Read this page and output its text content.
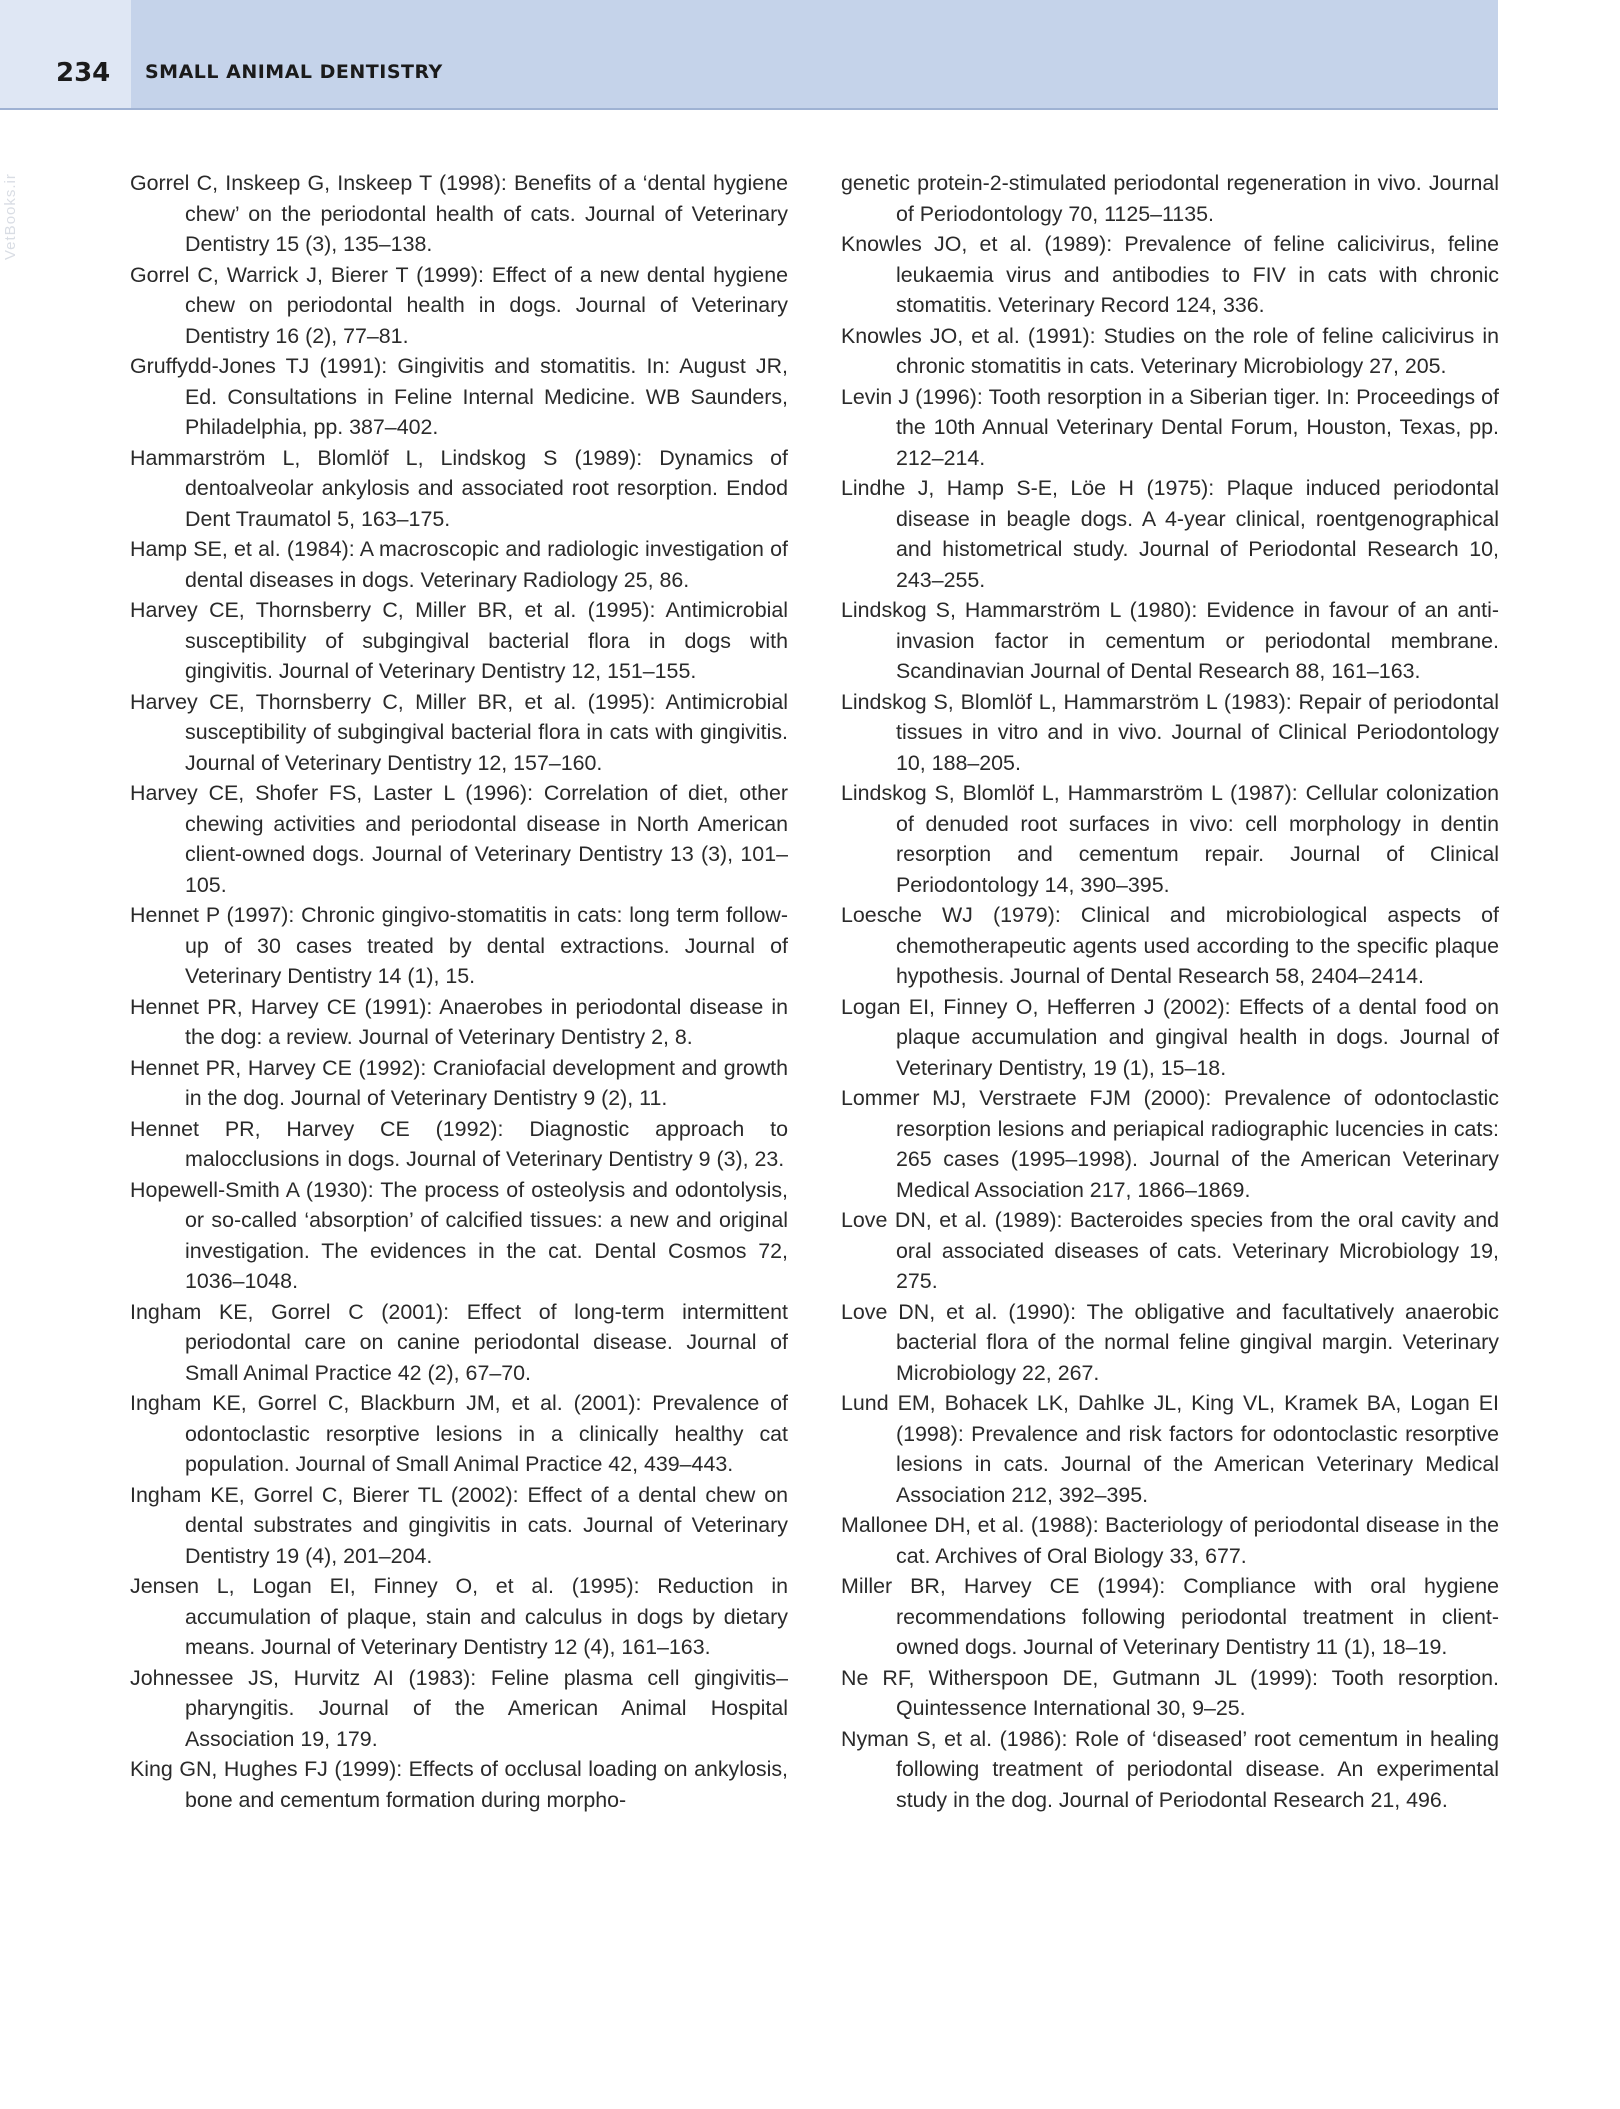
234 SMALL ANIMAL DENTISTRY
VetBooks.ir	Gorrel C, Inskeep G, Inskeep T (1998): Benefits of a ‘dental hygiene chew’ on the periodontal health of cats. Journal of Veterinary Dentistry 15 (3), 135–138.

Gorrel C, Warrick J, Bierer T (1999): Effect of a new dental hygiene chew on periodontal health in dogs. Journal of Veterinary Dentistry 16 (2), 77–81.

Gruffydd-Jones TJ (1991): Gingivitis and stomatitis. In: August JR, Ed. Consultations in Feline Internal Medicine. WB Saunders, Philadelphia, pp. 387–402.

Hammarström L, Blomlöf L, Lindskog S (1989): Dynamics of dentoalveolar ankylosis and associated root resorption. Endod Dent Traumatol 5, 163–175.

Hamp SE, et al. (1984): A macroscopic and radiologic investigation of dental diseases in dogs. Veterinary Radiology 25, 86.

Harvey CE, Thornsberry C, Miller BR, et al. (1995): Antimicrobial susceptibility of subgingival bacterial flora in dogs with gingivitis. Journal of Veterinary Dentistry 12, 151–155.

Harvey CE, Thornsberry C, Miller BR, et al. (1995): Antimicrobial susceptibility of subgingival bacterial flora in cats with gingivitis. Journal of Veterinary Dentistry 12, 157–160.

Harvey CE, Shofer FS, Laster L (1996): Correlation of diet, other chewing activities and periodontal disease in North American client-owned dogs. Journal of Veterinary Dentistry 13 (3), 101–105.

Hennet P (1997): Chronic gingivo-stomatitis in cats: long term follow-up of 30 cases treated by dental extractions. Journal of Veterinary Dentistry 14 (1), 15.

Hennet PR, Harvey CE (1991): Anaerobes in periodontal disease in the dog: a review. Journal of Veterinary Dentistry 2, 8.

Hennet PR, Harvey CE (1992): Craniofacial development and growth in the dog. Journal of Veterinary Dentistry 9 (2), 11.

Hennet PR, Harvey CE (1992): Diagnostic approach to malocclusions in dogs. Journal of Veterinary Dentistry 9 (3), 23.

Hopewell-Smith A (1930): The process of osteolysis and odontolysis, or so-called ‘absorption’ of calcified tissues: a new and original investigation. The evidences in the cat. Dental Cosmos 72, 1036–1048.

Ingham KE, Gorrel C (2001): Effect of long-term intermittent periodontal care on canine periodontal disease. Journal of Small Animal Practice 42 (2), 67–70.

Ingham KE, Gorrel C, Blackburn JM, et al. (2001): Prevalence of odontoclastic resorptive lesions in a clinically healthy cat population. Journal of Small Animal Practice 42, 439–443.

Ingham KE, Gorrel C, Bierer TL (2002): Effect of a dental chew on dental substrates and gingivitis in cats. Journal of Veterinary Dentistry 19 (4), 201–204.

Jensen L, Logan EI, Finney O, et al. (1995): Reduction in accumulation of plaque, stain and calculus in dogs by dietary means. Journal of Veterinary Dentistry 12 (4), 161–163.

Johnessee JS, Hurvitz AI (1983): Feline plasma cell gingivitis–pharyngitis. Journal of the American Animal Hospital Association 19, 179.

King GN, Hughes FJ (1999): Effects of occlusal loading on ankylosis, bone and cementum formation during morpho-

genetic protein-2-stimulated periodontal regeneration in vivo. Journal of Periodontology 70, 1125–1135.

Knowles JO, et al. (1989): Prevalence of feline calicivirus, feline leukaemia virus and antibodies to FIV in cats with chronic stomatitis. Veterinary Record 124, 336.

Knowles JO, et al. (1991): Studies on the role of feline calicivirus in chronic stomatitis in cats. Veterinary Microbiology 27, 205.

Levin J (1996): Tooth resorption in a Siberian tiger. In: Proceedings of the 10th Annual Veterinary Dental Forum, Houston, Texas, pp. 212–214.

Lindhe J, Hamp S-E, Löe H (1975): Plaque induced periodontal disease in beagle dogs. A 4-year clinical, roentgenographical and histometrical study. Journal of Periodontal Research 10, 243–255.

Lindskog S, Hammarström L (1980): Evidence in favour of an anti-invasion factor in cementum or periodontal membrane. Scandinavian Journal of Dental Research 88, 161–163.

Lindskog S, Blomlöf L, Hammarström L (1983): Repair of periodontal tissues in vitro and in vivo. Journal of Clinical Periodontology 10, 188–205.

Lindskog S, Blomlöf L, Hammarström L (1987): Cellular colonization of denuded root surfaces in vivo: cell morphology in dentin resorption and cementum repair. Journal of Clinical Periodontology 14, 390–395.

Loesche WJ (1979): Clinical and microbiological aspects of chemotherapeutic agents used according to the specific plaque hypothesis. Journal of Dental Research 58, 2404–2414.

Logan EI, Finney O, Hefferren J (2002): Effects of a dental food on plaque accumulation and gingival health in dogs. Journal of Veterinary Dentistry, 19 (1), 15–18.

Lommer MJ, Verstraete FJM (2000): Prevalence of odontoclastic resorption lesions and periapical radiographic lucencies in cats: 265 cases (1995–1998). Journal of the American Veterinary Medical Association 217, 1866–1869.

Love DN, et al. (1989): Bacteroides species from the oral cavity and oral associated diseases of cats. Veterinary Microbiology 19, 275.

Love DN, et al. (1990): The obligative and facultatively anaerobic bacterial flora of the normal feline gingival margin. Veterinary Microbiology 22, 267.

Lund EM, Bohacek LK, Dahlke JL, King VL, Kramek BA, Logan EI (1998): Prevalence and risk factors for odontoclastic resorptive lesions in cats. Journal of the American Veterinary Medical Association 212, 392–395.

Mallonee DH, et al. (1988): Bacteriology of periodontal disease in the cat. Archives of Oral Biology 33, 677.

Miller BR, Harvey CE (1994): Compliance with oral hygiene recommendations following periodontal treatment in client-owned dogs. Journal of Veterinary Dentistry 11 (1), 18–19.

Ne RF, Witherspoon DE, Gutmann JL (1999): Tooth resorption. Quintessence International 30, 9–25.

Nyman S, et al. (1986): Role of ‘diseased’ root cementum in healing following treatment of periodontal disease. An experimental study in the dog. Journal of Periodontal Research 21, 496.
